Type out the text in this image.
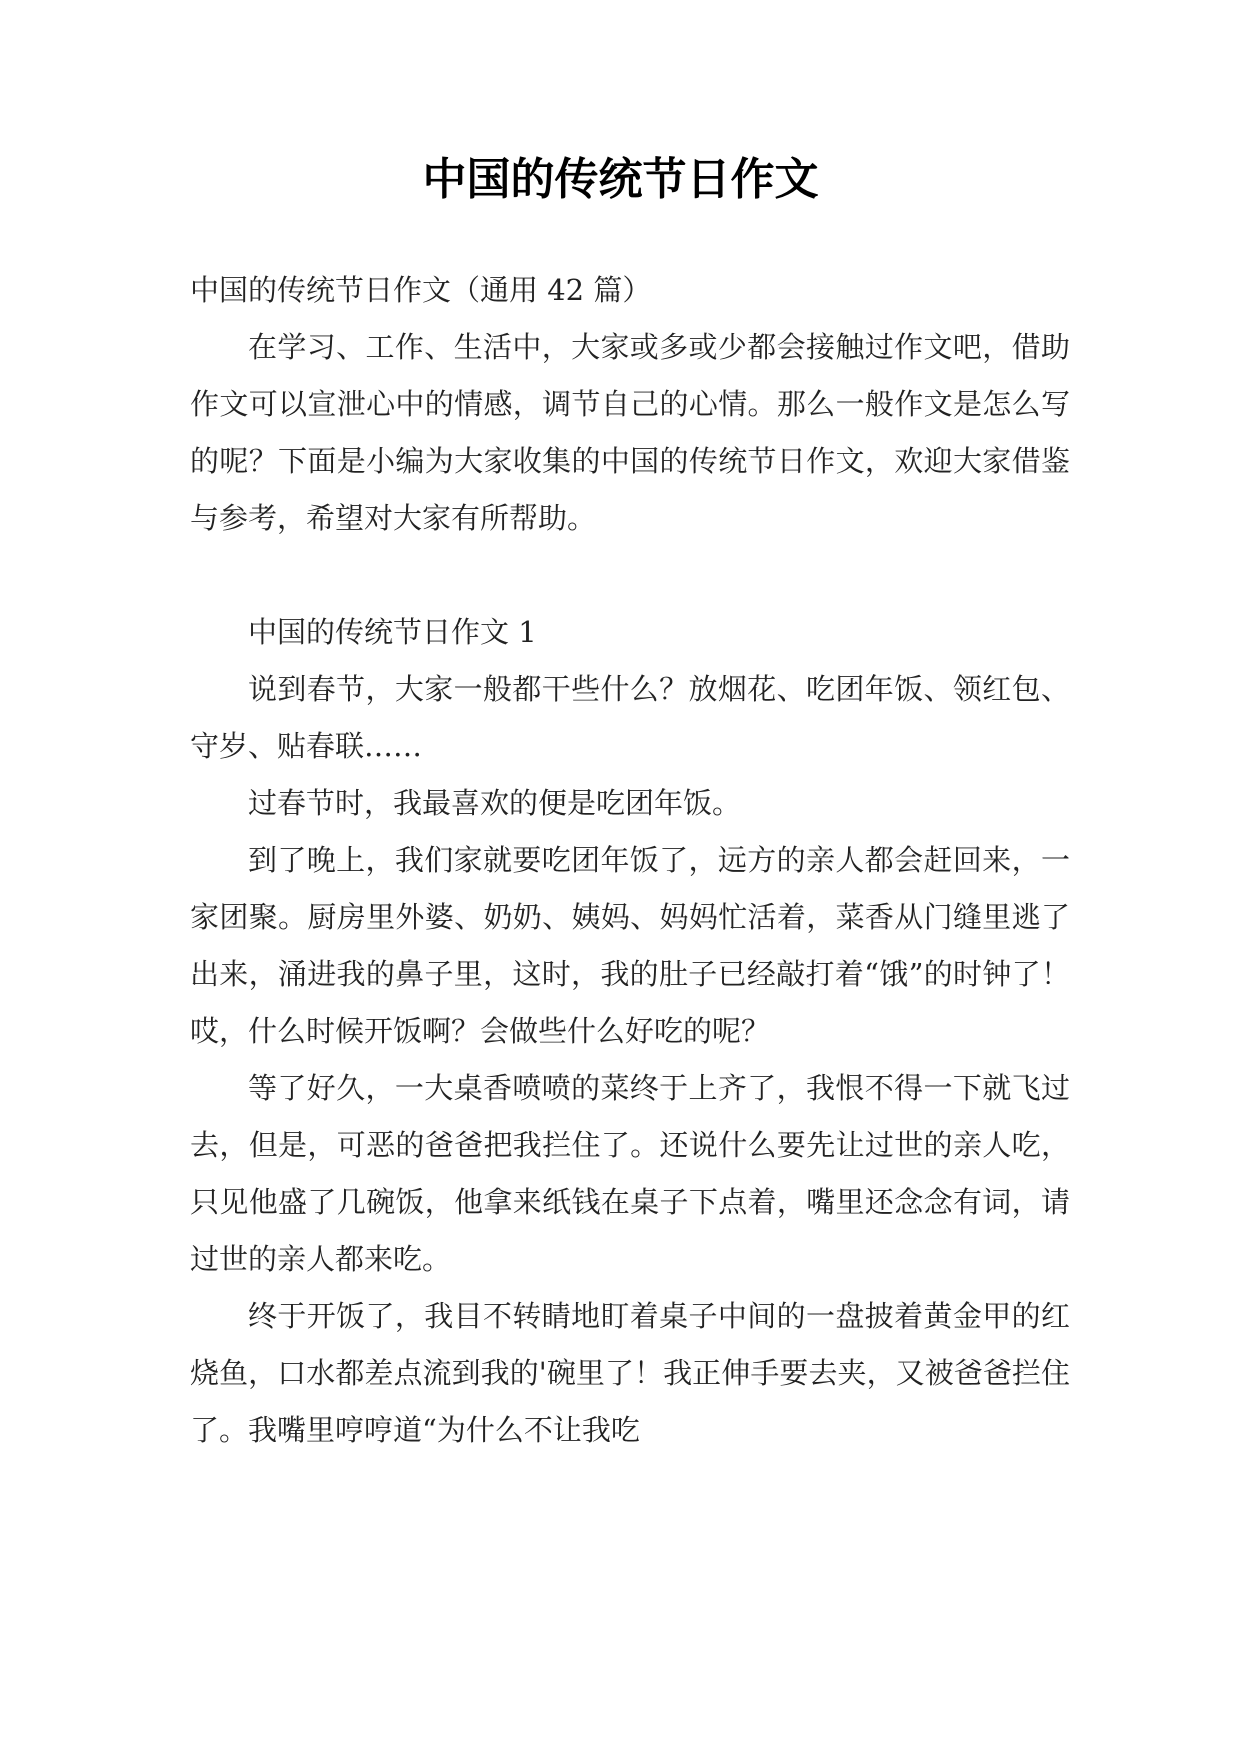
中国的传统节日作文

中国的传统节日作文（通用 42 篇）

在学习、工作、生活中，大家或多或少都会接触过作文吧，借助作文可以宣泄心中的情感，调节自己的心情。那么一般作文是怎么写的呢？下面是小编为大家收集的中国的传统节日作文，欢迎大家借鉴与参考，希望对大家有所帮助。

中国的传统节日作文 1

说到春节，大家一般都干些什么？放烟花、吃团年饭、领红包、守岁、贴春联……

过春节时，我最喜欢的便是吃团年饭。

到了晚上，我们家就要吃团年饭了，远方的亲人都会赶回来，一家团聚。厨房里外婆、奶奶、姨妈、妈妈忙活着，菜香从门缝里逃了出来，涌进我的鼻子里，这时，我的肚子已经敲打着“饿”的时钟了！哎，什么时候开饭啊？会做些什么好吃的呢？

等了好久，一大桌香喷喷的菜终于上齐了，我恨不得一下就飞过去，但是，可恶的爸爸把我拦住了。还说什么要先让过世的亲人吃，只见他盛了几碗饭，他拿来纸钱在桌子下点着，嘴里还念念有词，请过世的亲人都来吃。

终于开饭了，我目不转睛地盯着桌子中间的一盘披着黄金甲的红烧鱼，口水都差点流到我的'碗里了！我正伸手要去夹，又被爸爸拦住了。我嘴里哼哼道“为什么不让我吃
